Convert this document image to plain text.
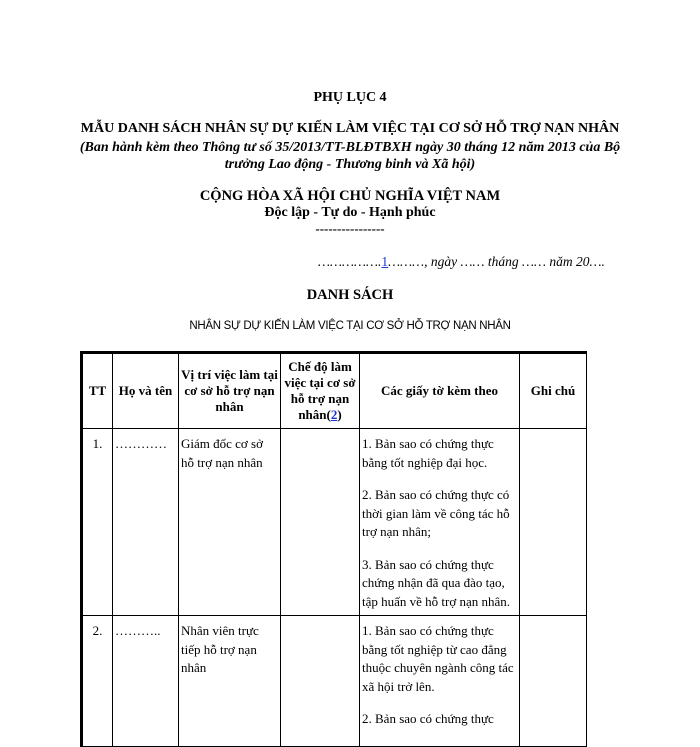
PHỤ LỤC 4
MẪU DANH SÁCH NHÂN SỰ DỰ KIẾN LÀM VIỆC TẠI CƠ SỞ HỖ TRỢ NẠN NHÂN
(Ban hành kèm theo Thông tư số 35/2013/TT-BLĐTBXH ngày 30 tháng 12 năm 2013 của Bộ
trưởng Lao động - Thương binh và Xã hội)
CỘNG HÒA XÃ HỘI CHỦ NGHĨA VIỆT NAM
Độc lập - Tự do - Hạnh phúc
----------------
…………….1………, ngày …… tháng …… năm 20….
DANH SÁCH
NHÂN SỰ DỰ KIẾN LÀM VIỆC TẠI CƠ SỞ HỖ TRỢ NẠN NHÂN
TT	Họ và tên	Vị trí việc làm tại cơ sở hỗ trợ nạn nhân	Chế độ làm việc tại cơ sở hỗ trợ nạn nhân(2)	Các giấy tờ kèm theo	Ghi chú
1.	…………	Giám đốc cơ sở hỗ trợ nạn nhân		1. Bản sao có chứng thực bằng tốt nghiệp đại học.

2. Bản sao có chứng thực có thời gian làm về công tác hỗ trợ nạn nhân;

3. Bản sao có chứng thực chứng nhận đã qua đào tạo, tập huấn về hỗ trợ nạn nhân.	

2.	………..	Nhân viên trực tiếp hỗ trợ nạn nhân		1. Bản sao có chứng thực bằng tốt nghiệp từ cao đẳng thuộc chuyên ngành công tác xã hội trở lên.

2. Bản sao có chứng thực	
